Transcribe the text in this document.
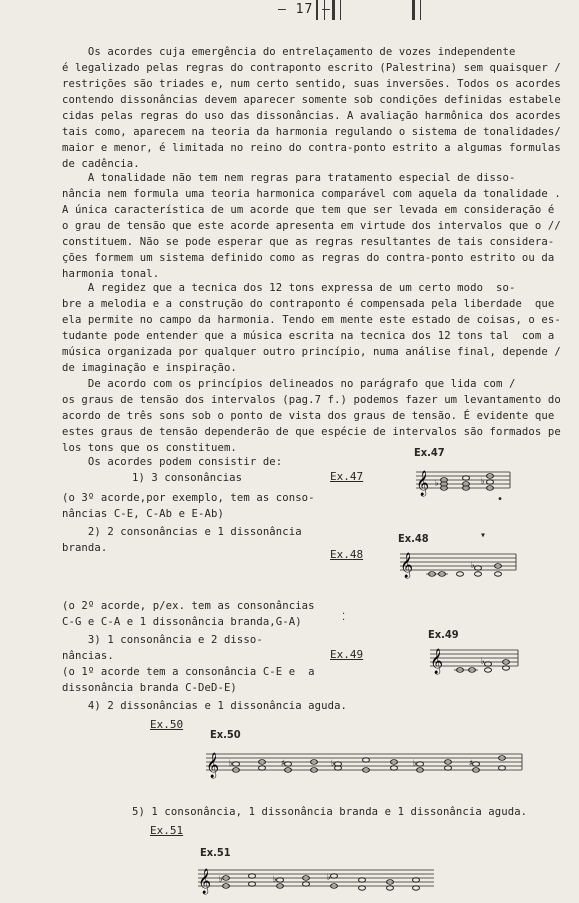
– 17 –
Os acordes cuja emergência do entrelaçamento de vozes independente
é legalizado pelas regras do contraponto escrito (Palestrina) sem quaisquer /
restrições são triades e, num certo sentido, suas inversões. Todos os acordes
contendo dissonâncias devem aparecer somente sob condições definidas estabele
cidas pelas regras do uso das dissonâncias. A avaliação harmônica dos acordes
tais como, aparecem na teoria da harmonia regulando o sistema de tonalidades/
maior e menor, é limitada no reino do contra-ponto estrito a algumas formulas
de cadência.
A tonalidade não tem nem regras para tratamento especial de disso-
nância nem formula uma teoria harmonica comparável com aquela da tonalidade .
A única característica de um acorde que tem que ser levada em consideração é
o grau de tensão que este acorde apresenta em virtude dos intervalos que o //
constituem. Não se pode esperar que as regras resultantes de tais considera-
ções formem um sistema definido como as regras do contra-ponto estrito ou da
harmonia tonal.
A regidez que a tecnica dos 12 tons expressa de um certo modo  so-
bre a melodia e a construção do contraponto é compensada pela liberdade  que
ela permite no campo da harmonia. Tendo em mente este estado de coisas, o es-
tudante pode entender que a música escrita na tecnica dos 12 tons tal  com a
música organizada por qualquer outro princípio, numa análise final, depende /
de imaginação e inspiração.
De acordo com os princípios delineados no parágrafo que lida com /
os graus de tensão dos intervalos (pag.7 f.) podemos fazer um levantamento do
acordo de três sons sob o ponto de vista dos graus de tensão. É evidente que
estes graus de tensão dependerão de que espécie de intervalos são formados pe
los tons que os constituem.
Os acordes podem consistir de:
1) 3 consonâncias	Ex.47
Ex.47
𝄞 ♭	♭
•
(o 3º acorde,por exemplo, tem as conso-
nâncias C-E, C-Ab e E-Ab)
2) 2 consonâncias e 1 dissonância
branda.	Ex.48
Ex.48	▾
𝄞	♭
(o 2º acorde, p/ex. tem as consonâncias
C-G e C-A e 1 dissonância branda,G-A)	⁚
3) 1 consonância e 2 disso-
nâncias.
(o 1º acorde tem a consonância C-E e  a
dissonância branda C-DeD-E)
Ex.49
Ex.49
𝄞	♭
4) 2 dissonâncias e 1 dissonância aguda.
Ex.50
Ex.50
𝄞 ♭	♯	♭	♭	♯
5) 1 consonância, 1 dissonância branda e 1 dissonância aguda.
Ex.51
Ex.51
𝄞 ♭	♭	♭
